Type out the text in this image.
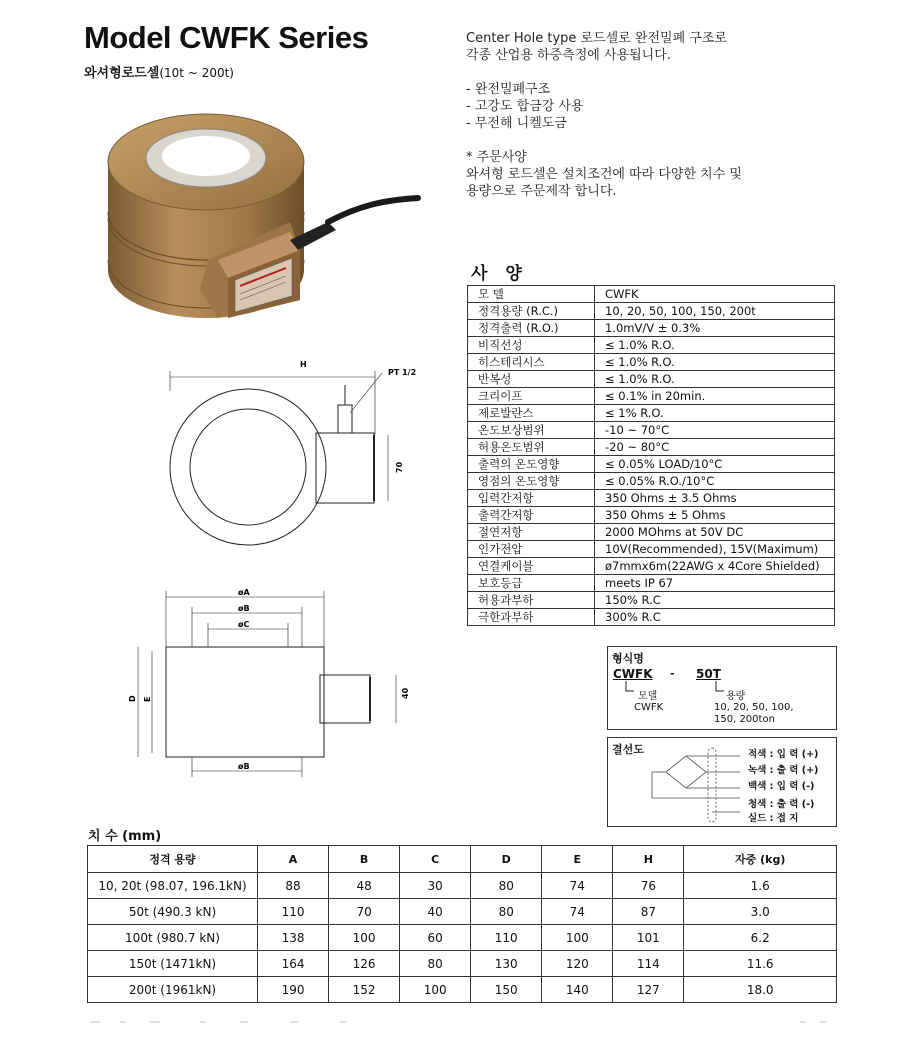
Model CWFK Series
와셔형로드셀(10t ~ 200t)

Center Hole type 로드셀로 완전밀폐 구조로

각종 산업용 하중측정에 사용됩니다.

- 완전밀폐구조

- 고강도 합금강 사용

- 무전해 니켈도금

* 주문사양

와셔형 로드셀은 설치조건에 따라 다양한 치수 및

용량으로 주문제작 합니다.

H
PT 1/2
70
øA
øB
øC
øB
D E
40
사 양
모 델	CWFK
정격용량 (R.C.)	10, 20, 50, 100, 150, 200t
정격출력 (R.O.)	1.0mV/V ± 0.3%
비직선성	≤ 1.0% R.O.
히스테리시스	≤ 1.0% R.O.
반복성	≤ 1.0% R.O.
크리이프	≤ 0.1% in 20min.
제로발란스	≤ 1% R.O.
온도보상범위	-10 ~ 70°C
허용온도범위	-20 ~ 80°C
출력의 온도영향	≤ 0.05% LOAD/10°C
영점의 온도영향	≤ 0.05% R.O./10°C
입력간저항	350 Ohms ± 3.5 Ohms
출력간저항	350 Ohms ± 5 Ohms
절연저항	2000 MOhms at 50V DC
인가전압	10V(Recommended), 15V(Maximum)
연결케이블	ø7mmx6m(22AWG x 4Core Shielded)
보호등급	meets IP 67
허용과부하	150% R.C
극한과부하	300% R.C
형식명
CWFK - 50T
모델	용량
CWFK	10, 20, 50, 100,
150, 200ton
결선도	적색 : 입 력 (+)
녹색 : 출 력 (+)
백색 : 입 력 (-)
청색 : 출 력 (-)
실드 : 접 지
치 수 (mm)
정격 용량	A	B	C	D	E	H	자중 (kg)
10, 20t (98.07, 196.1kN)	88	48	30	80	74	76	1.6
50t (490.3 kN)	110	70	40	80	74	87	3.0
100t (980.7 kN)	138	100	60	110	100	101	6.2
150t (1471kN)	164	126	80	130	120	114	11.6
200t (1961kN)	190	152	100	150	140	127	18.0
